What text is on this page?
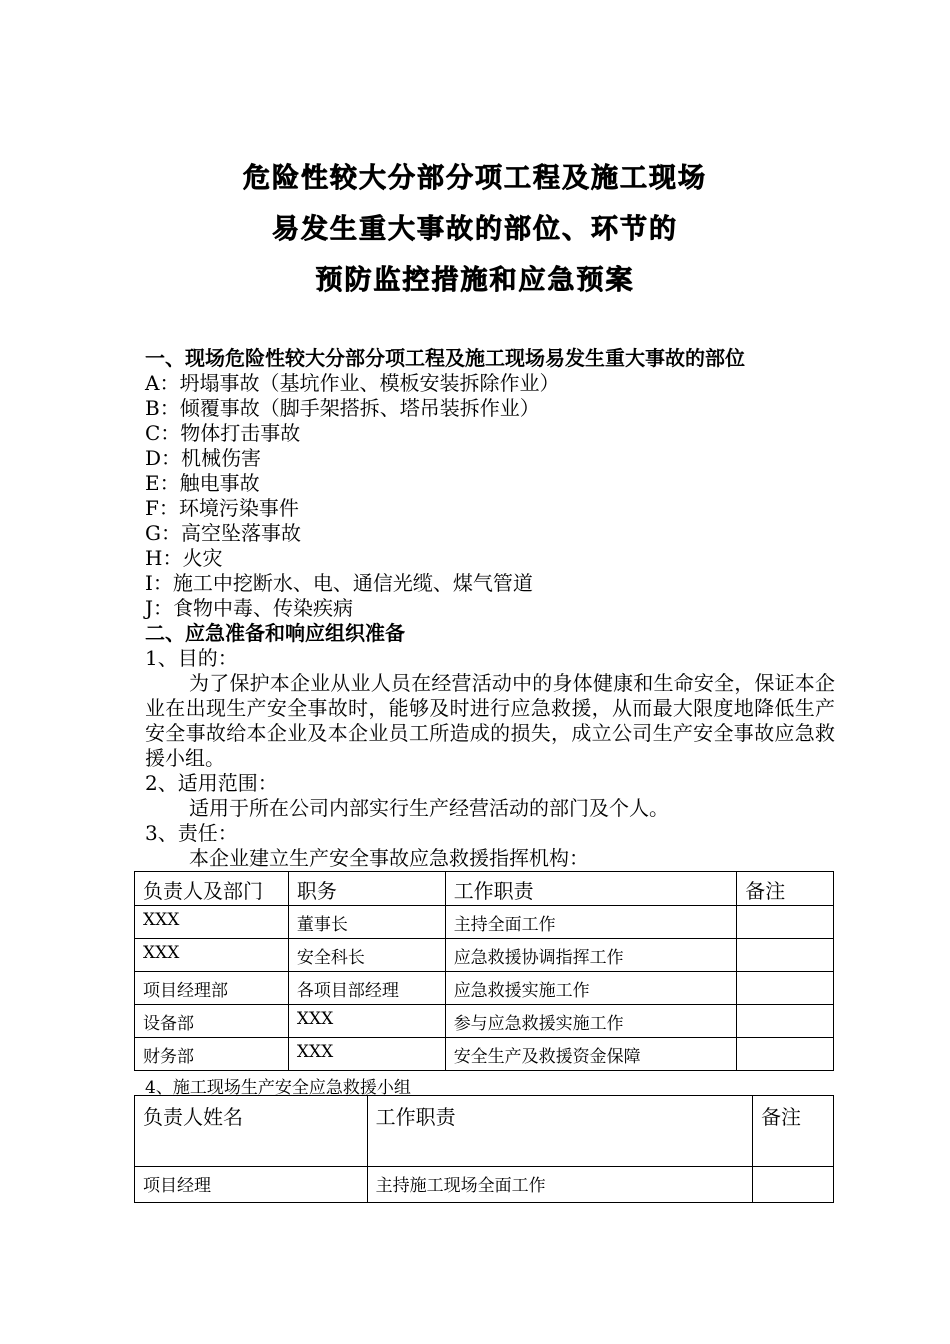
危险性较大分部分项工程及施工现场
易发生重大事故的部位、环节的
预防监控措施和应急预案

一、现场危险性较大分部分项工程及施工现场易发生重大事故的部位

A：坍塌事故（基坑作业、模板安装拆除作业）

B：倾覆事故（脚手架搭拆、塔吊装拆作业）

C：物体打击事故

D：机械伤害

E：触电事故

F：环境污染事件

G：高空坠落事故

H：火灾

I：施工中挖断水、电、通信光缆、煤气管道

J：食物中毒、传染疾病

二、应急准备和响应组织准备

1、目的：

为了保护本企业从业人员在经营活动中的身体健康和生命安全，保证本企业在出现生产安全事故时，能够及时进行应急救援，从而最大限度地降低生产安全事故给本企业及本企业员工所造成的损失，成立公司生产安全事故应急救援小组。

2、适用范围：

适用于所在公司内部实行生产经营活动的部门及个人。

3、责任：

本企业建立生产安全事故应急救援指挥机构：

负责人及部门	职务	工作职责	备注
XXX	董事长	主持全面工作	
XXX	安全科长	应急救援协调指挥工作	
项目经理部	各项目部经理	应急救援实施工作	
设备部	XXX	参与应急救援实施工作	
财务部	XXX	安全生产及救援资金保障	
4、施工现场生产安全应急救援小组
负责人姓名	工作职责	备注
项目经理	主持施工现场全面工作	
